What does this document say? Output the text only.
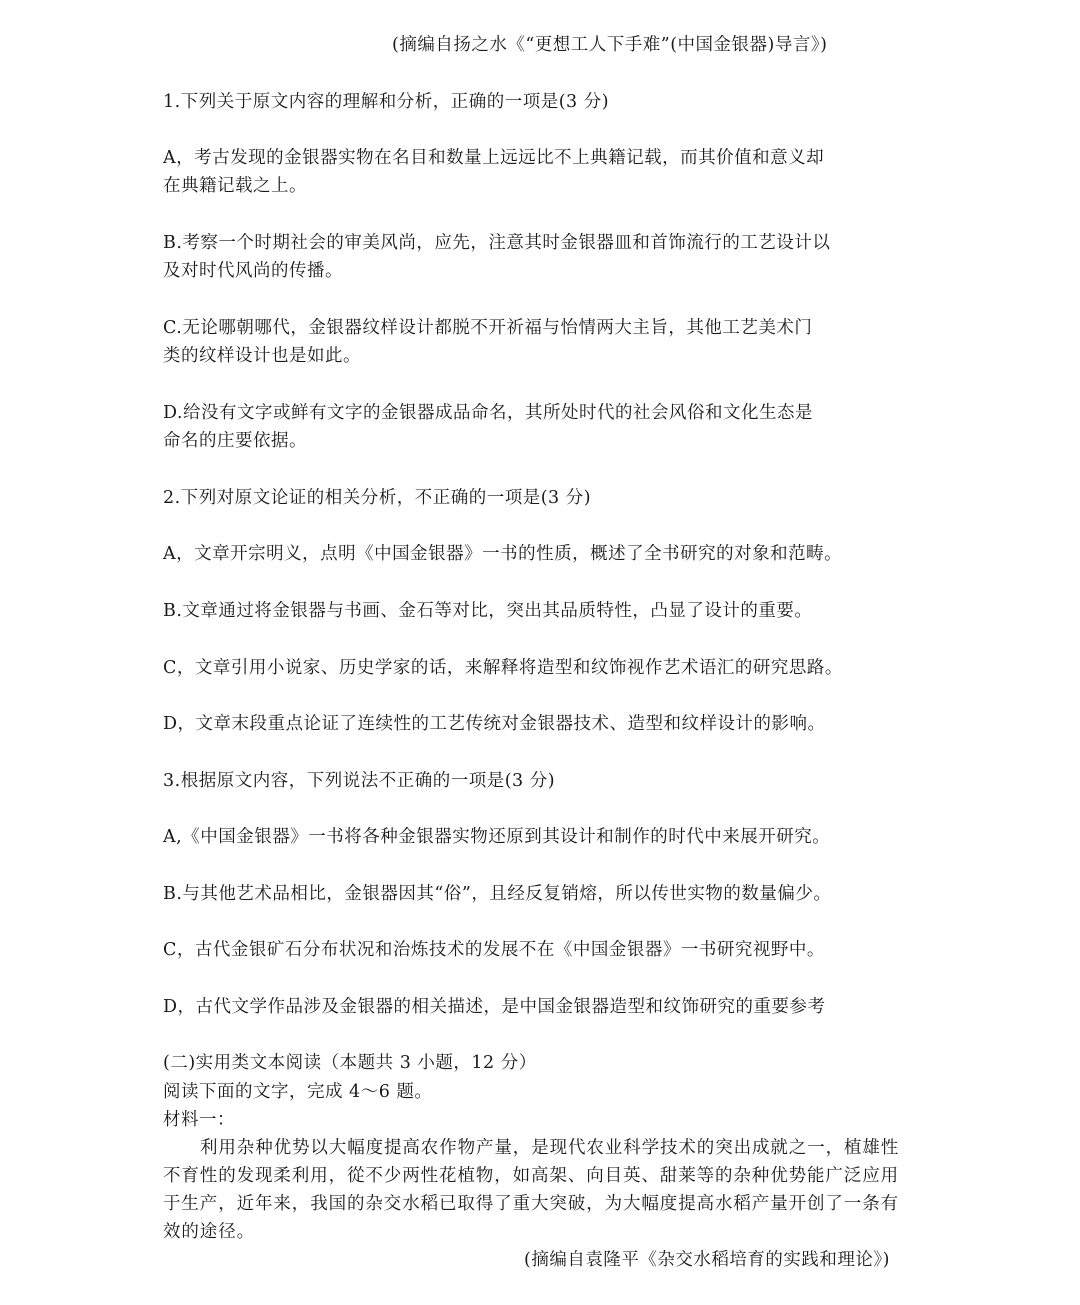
(摘编自扬之水《“更想工人下手难”(中国金银器)导言》)
1.下列关于原文内容的理解和分析，正确的一项是(3 分)
A，考古发现的金银器实物在名目和数量上远远比不上典籍记载，而其价值和意义却
在典籍记载之上。
B.考察一个时期社会的审美风尚，应先，注意其时金银器皿和首饰流行的工艺设计以
及对时代风尚的传播。
C.无论哪朝哪代，金银器纹样设计都脱不开祈福与怡情两大主旨，其他工艺美术门
类的纹样设计也是如此。
D.给没有文字或鲜有文字的金银器成品命名，其所处时代的社会风俗和文化生态是
命名的庄要依据。
2.下列对原文论证的相关分析，不正确的一项是(3 分)
A，文章开宗明义，点明《中国金银器》一书的性质，概述了全书研究的对象和范畴。
B.文章通过将金银器与书画、金石等对比，突出其品质特性，凸显了设计的重要。
C，文章引用小说家、历史学家的话，来解释将造型和纹饰视作艺术语汇的研究思路。
D，文章末段重点论证了连续性的工艺传统对金银器技术、造型和纹样设计的影响。
3.根据原文内容，下列说法不正确的一项是(3 分)
A,《中国金银器》一书将各种金银器实物还原到其设计和制作的时代中来展开研究。
B.与其他艺术品相比，金银器因其“俗”，且经反复销熔，所以传世实物的数量偏少。
C，古代金银矿石分布状况和治炼技术的发展不在《中国金银器》一书研究视野中。
D，古代文学作品涉及金银器的相关描述，是中国金银器造型和纹饰研究的重要参考
(二)实用类文本阅读（本题共 3 小题，12 分）
阅读下面的文字，完成 4～6 题。
材料一：
利用杂种优势以大幅度提高农作物产量，是现代农业科学技术的突出成就之一，植雄性
不育性的发现柔利用，從不少两性花植物，如高架、向目英、甜莱等的杂种优势能广泛应用
于生产，近年来，我国的杂交水稻已取得了重大突破，为大幅度提高水稻产量开创了一条有
效的途径。
(摘编自袁隆平《杂交水稻培育的实践和理论》)
